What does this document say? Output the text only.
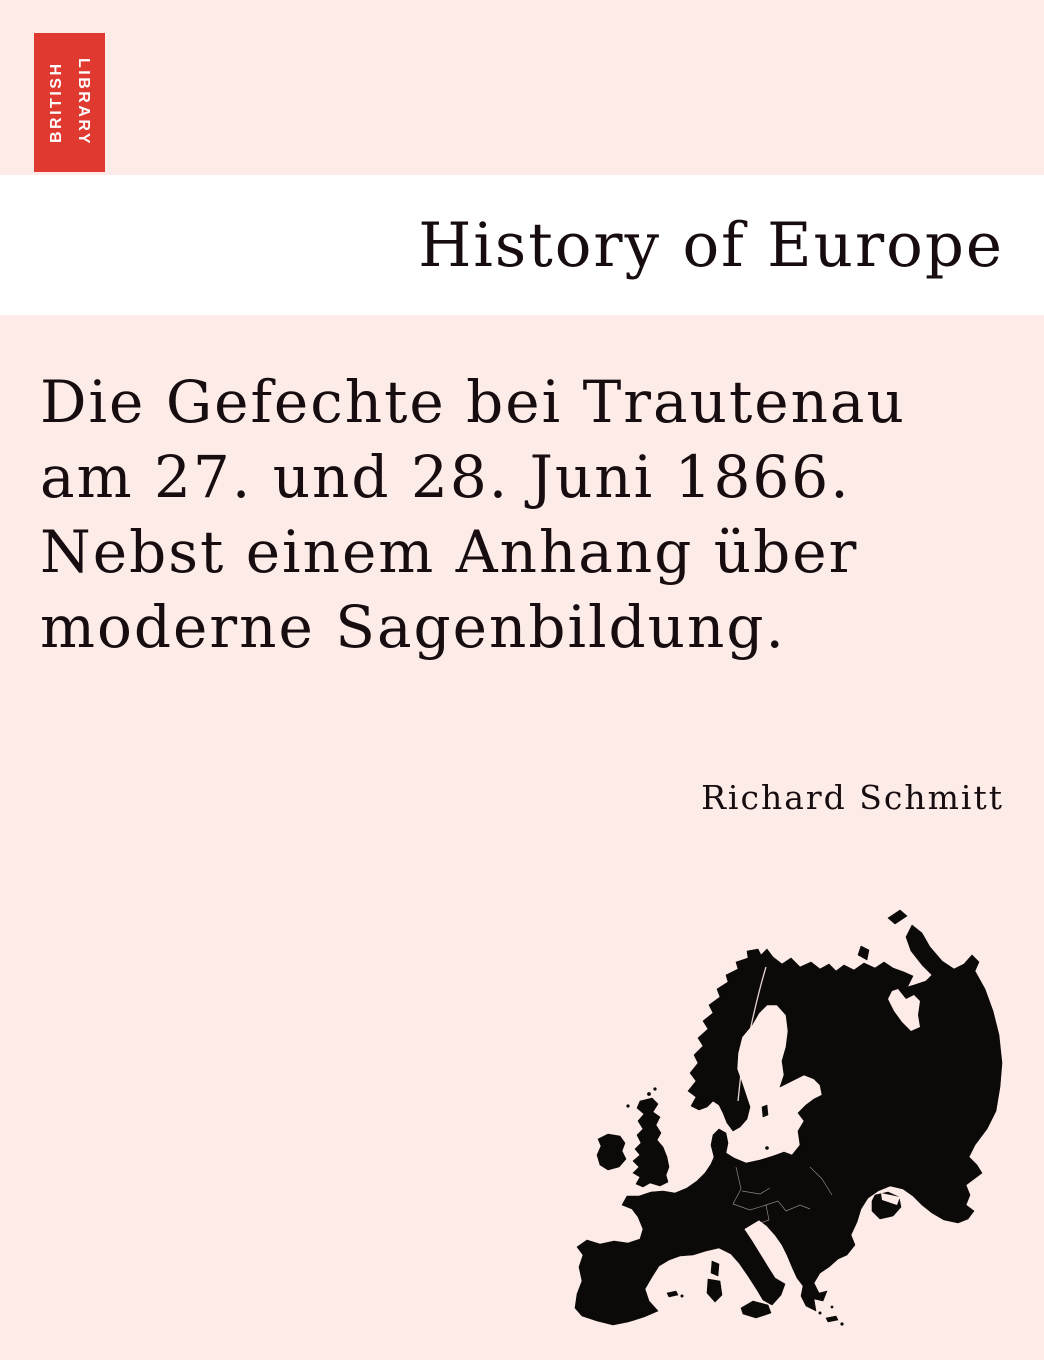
BRITISH LIBRARY
History of Europe
Die Gefechte bei Trautenau
am 27. und 28. Juni 1866.
Nebst einem Anhang über
moderne Sagenbildung.
Richard Schmitt
